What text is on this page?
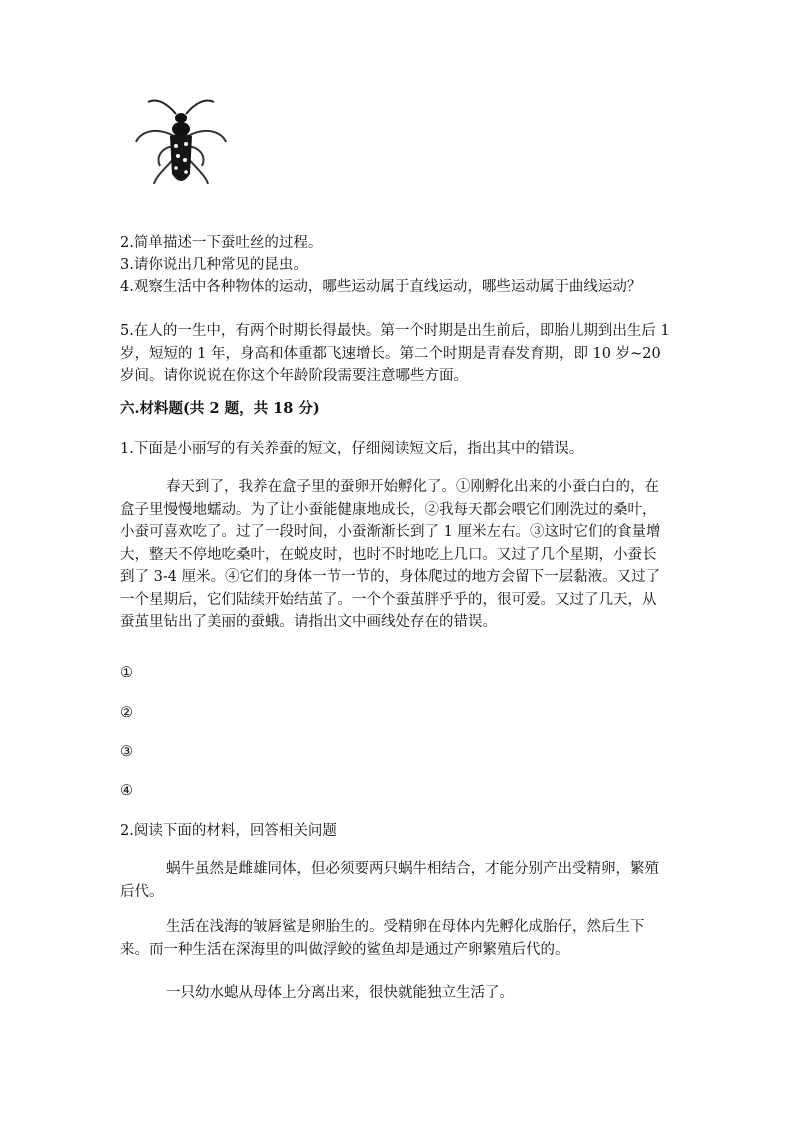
2.简单描述一下蚕吐丝的过程。

3.请你说出几种常见的昆虫。

4.观察生活中各种物体的运动，哪些运动属于直线运动，哪些运动属于曲线运动？

5.在人的一生中，有两个时期长得最快。第一个时期是出生前后，即胎儿期到出生后 1 岁，短短的 1 年，身高和体重都飞速增长。第二个时期是青春发育期，即 10 岁~20 岁间。请你说说在你这个年龄阶段需要注意哪些方面。

六.材料题(共 2 题，共 18 分)

1.下面是小丽写的有关养蚕的短文，仔细阅读短文后，指出其中的错误。

春天到了，我养在盒子里的蚕卵开始孵化了。①刚孵化出来的小蚕白白的，在盒子里慢慢地蠕动。为了让小蚕能健康地成长，②我每天都会喂它们刚洗过的桑叶，小蚕可喜欢吃了。过了一段时间，小蚕渐渐长到了 1 厘米左右。③这时它们的食量增大，整天不停地吃桑叶，在蜕皮时，也时不时地吃上几口。又过了几个星期，小蚕长到了 3-4 厘米。④它们的身体一节一节的，身体爬过的地方会留下一层黏液。又过了一个星期后，它们陆续开始结茧了。一个个蚕茧胖乎乎的，很可爱。又过了几天，从蚕茧里钻出了美丽的蚕蛾。请指出文中画线处存在的错误。

①

②

③

④

2.阅读下面的材料，回答相关问题

蜗牛虽然是雌雄同体，但必须要两只蜗牛相结合，才能分别产出受精卵，繁殖后代。

生活在浅海的皱唇鲨是卵胎生的。受精卵在母体内先孵化成胎仔，然后生下来。而一种生活在深海里的叫做浮鲛的鲨鱼却是通过产卵繁殖后代的。

一只幼水螅从母体上分离出来，很快就能独立生活了。
